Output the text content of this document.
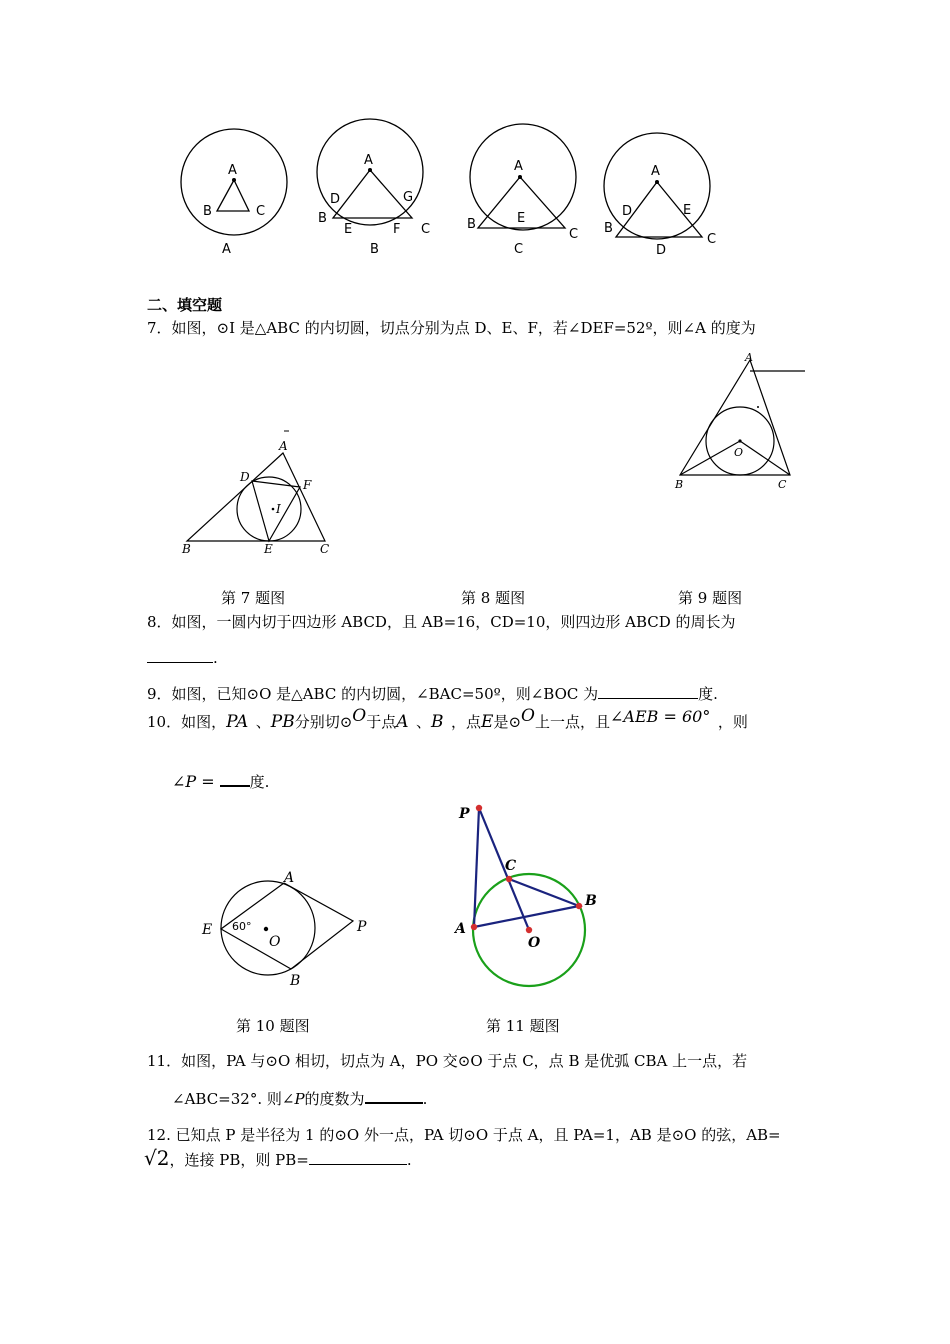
A
B	C
A
A
B
C
D
E	F
G
B
A
B
C
E
C
A
B
C
D	E
D
二、填空题
7．如图，⊙I 是△ABC 的内切圆，切点分别为点 D、E、F，若∠DEF=52º，则∠A 的度为
A
B	C
O
A
B	C
D
E
F
I
第 7 题图	第 8 题图	第 9 题图
8．如图，一圆内切于四边形 ABCD，且 AB=16，CD=10，则四边形 ABCD 的周长为
.
9．如图，已知⊙O 是△ABC 的内切圆，∠BAC=50º，则∠BOC 为	度.
10．如图，PA  、PB分别切⊙O于点A  、B  ，点E是⊙O上一点，且∠AEB = 60°  ，则
∠P =  度.
A
B
E
O
P
60°
P
C
B
A
O
第 10 题图	第 11 题图
11．如图，PA 与⊙O 相切，切点为 A，PO 交⊙O 于点 C，点 B 是优弧 CBA 上一点，若
∠ABC=32°. 则∠P的度数为	.
12. 已知点 P 是半径为 1 的⊙O 外一点，PA 切⊙O 于点 A，且 PA=1，AB 是⊙O 的弦，AB=
√2，连接 PB，则 PB=	.
